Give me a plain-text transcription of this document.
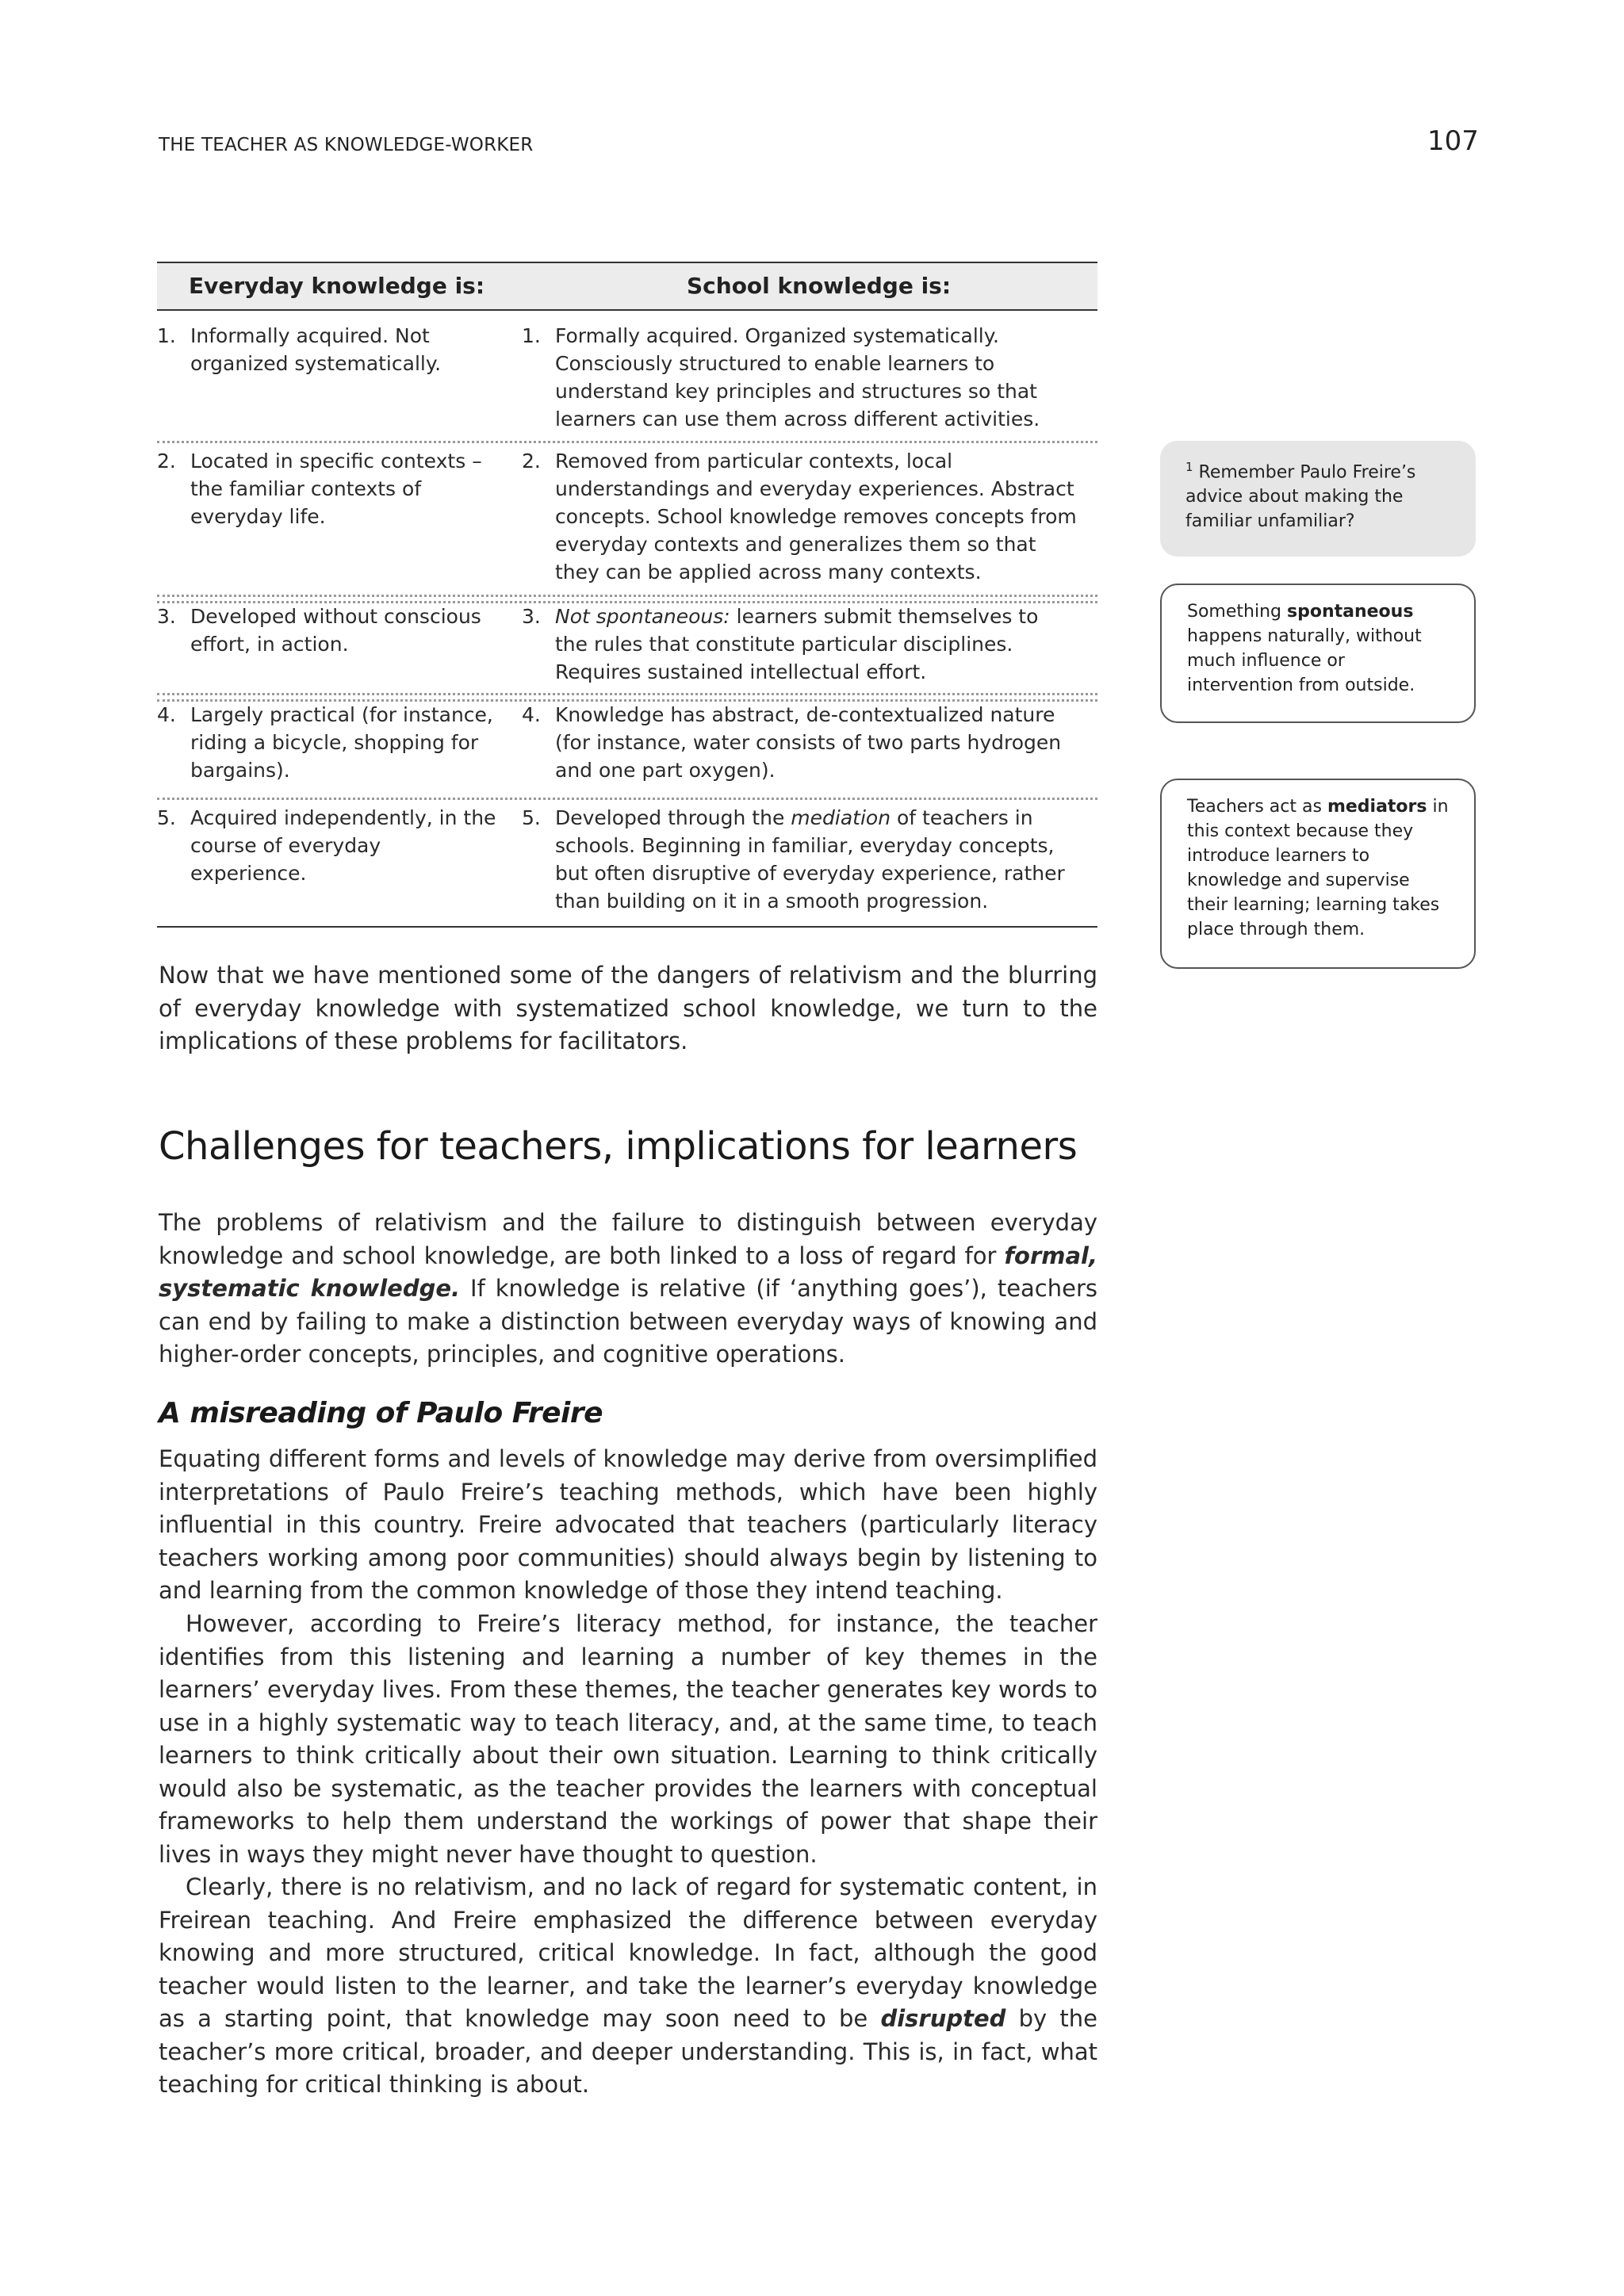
THE TEACHER AS KNOWLEDGE-WORKER	107
Everyday knowledge is:	School knowledge is:
1. Informally acquired. Not organized systematically.
1. Formally acquired. Organized systematically. Consciously structured to enable learners to understand key principles and structures so that learners can use them across different activities.
2. Located in specific contexts – the familiar contexts of everyday life.
2. Removed from particular contexts, local understandings and everyday experiences. Abstract concepts. School knowledge removes concepts from everyday contexts and generalizes them so that they can be applied across many contexts.
3. Developed without conscious effort, in action.
3. Not spontaneous: learners submit themselves to the rules that constitute particular disciplines. Requires sustained intellectual effort.
4. Largely practical (for instance, riding a bicycle, shopping for bargains).
4. Knowledge has abstract, de-contextualized nature (for instance, water consists of two parts hydrogen and one part oxygen).
5. Acquired independently, in the course of everyday experience.
5. Developed through the mediation of teachers in schools. Beginning in familiar, everyday concepts, but often disruptive of everyday experience, rather than building on it in a smooth progression.
$^1$ Remember Paulo Freire’s advice about making the familiar unfamiliar?
Something spontaneous happens naturally, without much influence or intervention from outside.
Teachers act as mediators in this context because they introduce learners to knowledge and supervise their learning; learning takes place through them.
Now that we have mentioned some of the dangers of relativism and the blurring of everyday knowledge with systematized school knowledge, we turn to the implications of these problems for facilitators.
Challenges for teachers, implications for learners
The problems of relativism and the failure to distinguish between everyday knowledge and school knowledge, are both linked to a loss of regard for formal, systematic knowledge. If knowledge is relative (if ‘anything goes’), teachers can end by failing to make a distinction between everyday ways of knowing and higher-order concepts, principles, and cognitive operations.
A misreading of Paulo Freire
Equating different forms and levels of knowledge may derive from oversimplified interpretations of Paulo Freire’s teaching methods, which have been highly influential in this country. Freire advocated that teachers (particularly literacy teachers working among poor communities) should always begin by listening to and learning from the common knowledge of those they intend teaching.
However, according to Freire’s literacy method, for instance, the teacher identifies from this listening and learning a number of key themes in the learners’ everyday lives. From these themes, the teacher generates key words to use in a highly systematic way to teach literacy, and, at the same time, to teach learners to think critically about their own situation. Learning to think critically would also be systematic, as the teacher provides the learners with conceptual frameworks to help them understand the workings of power that shape their lives in ways they might never have thought to question.
Clearly, there is no relativism, and no lack of regard for systematic content, in Freirean teaching. And Freire emphasized the difference between everyday knowing and more structured, critical knowledge. In fact, although the good teacher would listen to the learner, and take the learner’s everyday knowledge as a starting point, that knowledge may soon need to be disrupted by the teacher’s more critical, broader, and deeper understanding. This is, in fact, what teaching for critical thinking is about.
